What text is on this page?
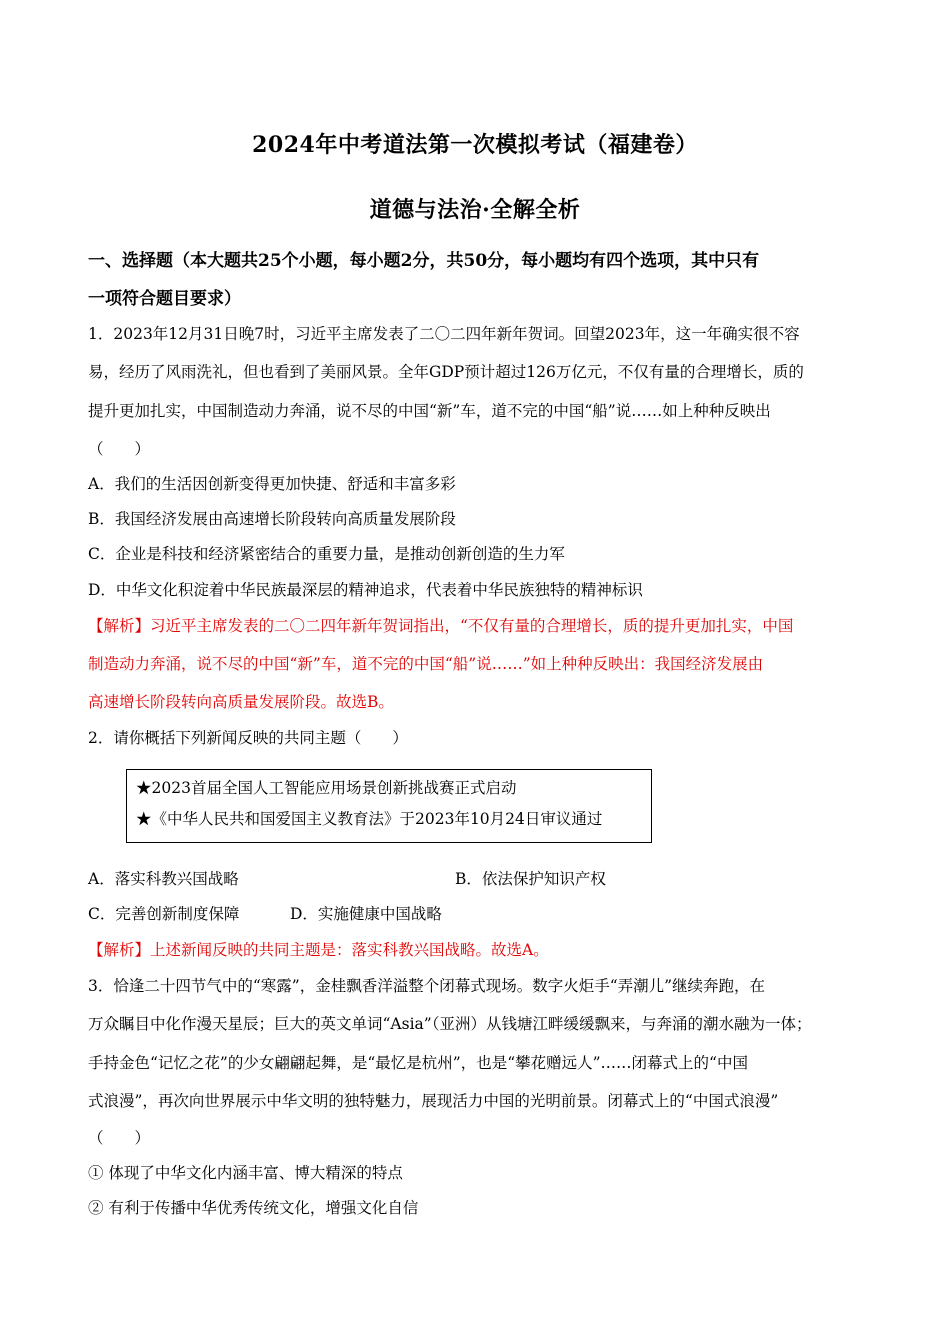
2024年中考道法第一次模拟考试（福建卷）
道德与法治·全解全析
一、选择题（本大题共25个小题，每小题2分，共50分，每小题均有四个选项，其中只有
一项符合题目要求）
1．2023年12月31日晚7时，习近平主席发表了二〇二四年新年贺词。回望2023年，这一年确实很不容
易，经历了风雨洗礼，但也看到了美丽风景。全年GDP预计超过126万亿元，不仅有量的合理增长，质的
提升更加扎实，中国制造动力奔涌，说不尽的中国“新”车，道不完的中国“船”说……如上种种反映出
（　　）
A．我们的生活因创新变得更加快捷、舒适和丰富多彩
B．我国经济发展由高速增长阶段转向高质量发展阶段
C．企业是科技和经济紧密结合的重要力量，是推动创新创造的生力军
D．中华文化积淀着中华民族最深层的精神追求，代表着中华民族独特的精神标识
【解析】习近平主席发表的二〇二四年新年贺词指出，“不仅有量的合理增长，质的提升更加扎实，中国
制造动力奔涌，说不尽的中国“新”车，道不完的中国“船”说……”如上种种反映出：我国经济发展由
高速增长阶段转向高质量发展阶段。故选B。
2．请你概括下列新闻反映的共同主题（　　）
★2023首届全国人工智能应用场景创新挑战赛正式启动
★《中华人民共和国爱国主义教育法》于2023年10月24日审议通过
A．落实科教兴国战略	B．依法保护知识产权
C．完善创新制度保障	D．实施健康中国战略
【解析】上述新闻反映的共同主题是：落实科教兴国战略。故选A。
3．恰逢二十四节气中的“寒露”，金桂飘香洋溢整个闭幕式现场。数字火炬手“弄潮儿”继续奔跑，在
万众瞩目中化作漫天星辰；巨大的英文单词“Asia”（亚洲）从钱塘江畔缓缓飘来，与奔涌的潮水融为一体；
手持金色“记忆之花”的少女翩翩起舞，是“最忆是杭州”，也是“攀花赠远人”……闭幕式上的“中国
式浪漫”，再次向世界展示中华文明的独特魅力，展现活力中国的光明前景。闭幕式上的“中国式浪漫”
（　　）
① 体现了中华文化内涵丰富、博大精深的特点
② 有利于传播中华优秀传统文化，增强文化自信
